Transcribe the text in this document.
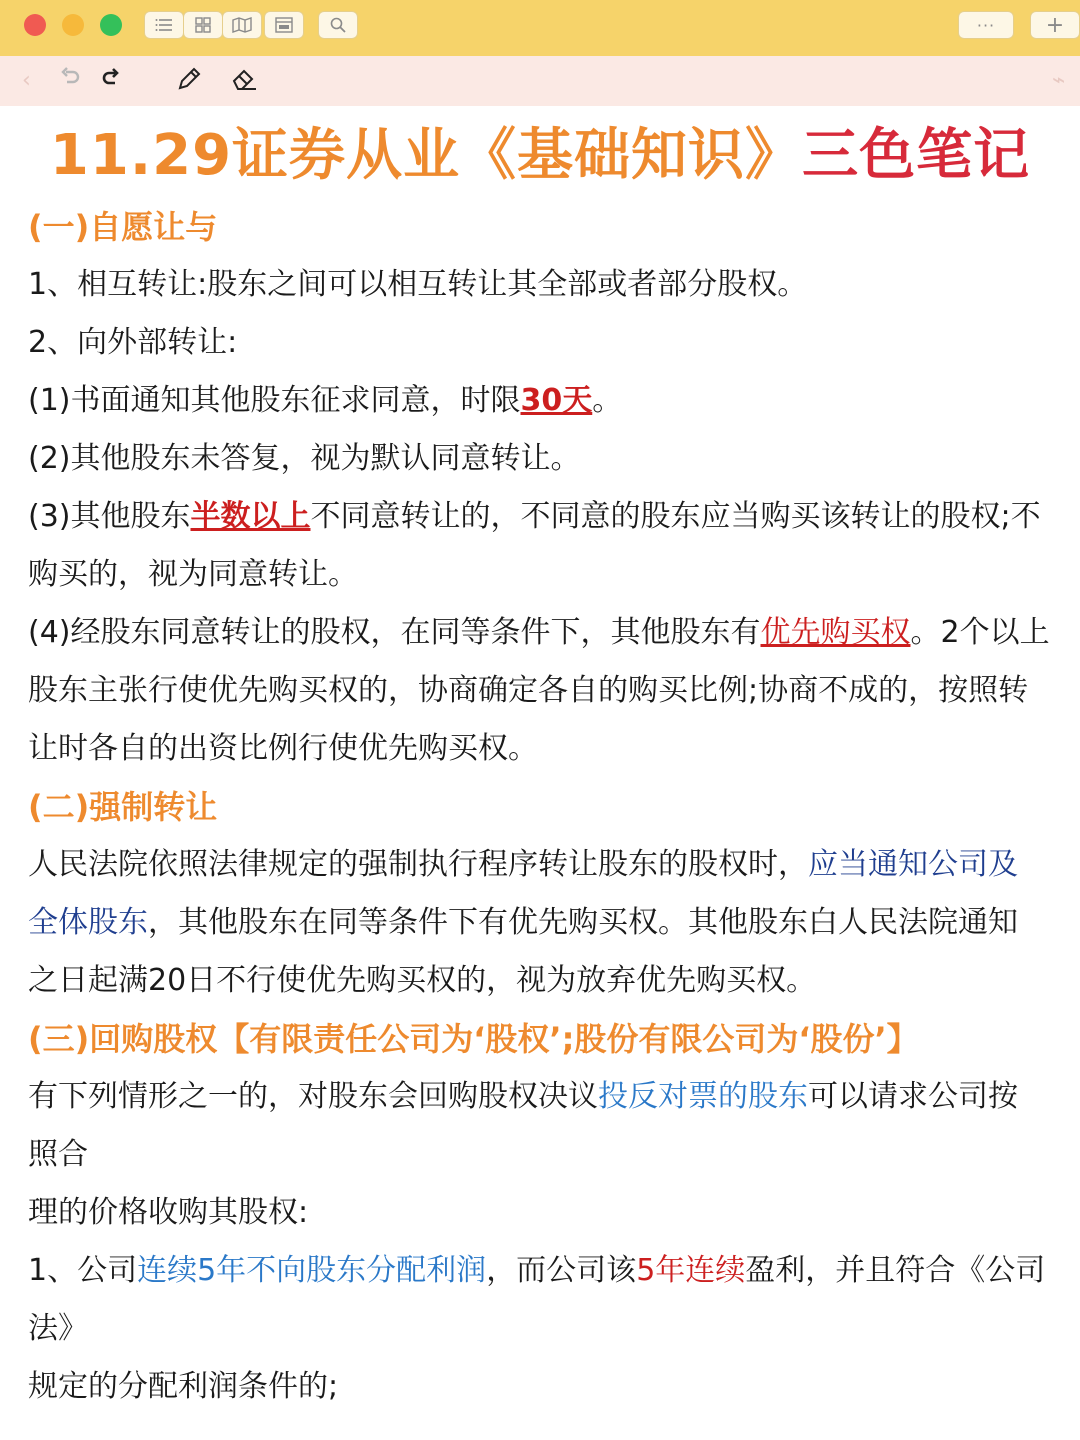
··· +
‹	⌁
11.29证券从业《基础知识》三色笔记
(一)自愿让与
1、相互转让:股东之间可以相互转让其全部或者部分股权。
2、向外部转让:
(1)书面通知其他股东征求同意，时限30天。
(2)其他股东未答复，视为默认同意转让。
(3)其他股东半数以上不同意转让的，不同意的股东应当购买该转让的股权;不
购买的，视为同意转让。
(4)经股东同意转让的股权，在同等条件下，其他股东有优先购买权。2个以上
股东主张行使优先购买权的，协商确定各自的购买比例;协商不成的，按照转
让时各自的出资比例行使优先购买权。
(二)强制转让
人民法院依照法律规定的强制执行程序转让股东的股权时，应当通知公司及
全体股东，其他股东在同等条件下有优先购买权。其他股东白人民法院通知
之日起满20日不行使优先购买权的，视为放弃优先购买权。
(三)回购股权【有限责任公司为‘股权’;股份有限公司为‘股份’】
有下列情形之一的，对股东会回购股权决议投反对票的股东可以请求公司按
照合
理的价格收购其股权:
1、公司连续5年不向股东分配利润，而公司该5年连续盈利，并且符合《公司
法》
规定的分配利润条件的;
